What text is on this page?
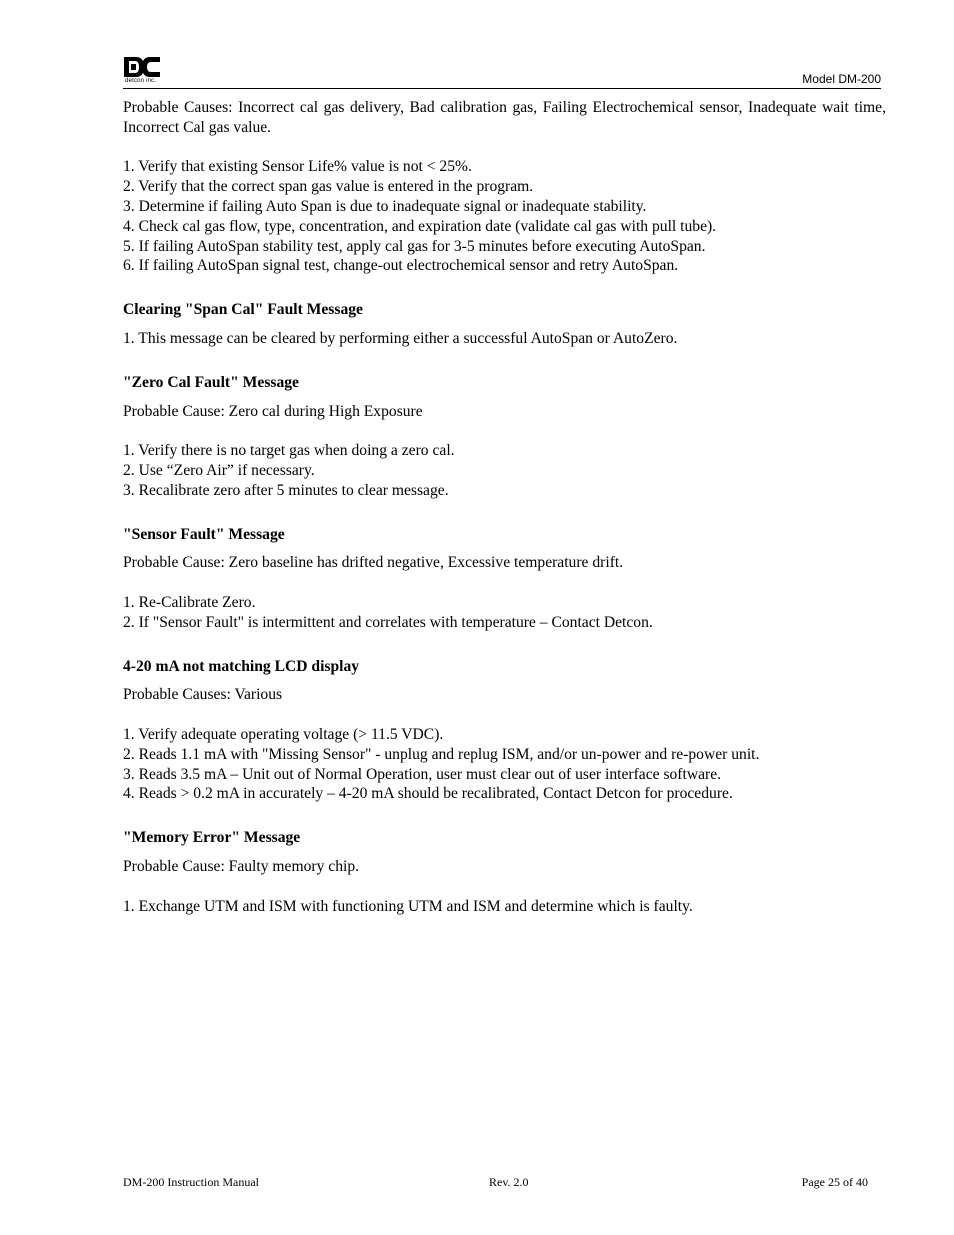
detcon inc.	Model DM-200

Probable Causes: Incorrect cal gas delivery, Bad calibration gas, Failing Electrochemical sensor, Inadequate wait time, Incorrect Cal gas value.

1. Verify that existing Sensor Life% value is not < 25%.

2. Verify that the correct span gas value is entered in the program.

3. Determine if failing Auto Span is due to inadequate signal or inadequate stability.

4. Check cal gas flow, type, concentration, and expiration date (validate cal gas with pull tube).

5. If failing AutoSpan stability test, apply cal gas for 3-5 minutes before executing AutoSpan.

6. If failing AutoSpan signal test, change-out electrochemical sensor and retry AutoSpan.

Clearing "Span Cal" Fault Message

1. This message can be cleared by performing either a successful AutoSpan or AutoZero.

"Zero Cal Fault" Message

Probable Cause: Zero cal during High Exposure

1. Verify there is no target gas when doing a zero cal.

2. Use “Zero Air” if necessary.

3. Recalibrate zero after 5 minutes to clear message.

"Sensor Fault" Message

Probable Cause: Zero baseline has drifted negative, Excessive temperature drift.

1. Re-Calibrate Zero.

2. If "Sensor Fault" is intermittent and correlates with temperature – Contact Detcon.

4-20 mA not matching LCD display

Probable Causes: Various

1. Verify adequate operating voltage (> 11.5 VDC).

2. Reads 1.1 mA with "Missing Sensor" - unplug and replug ISM, and/or un-power and re-power unit.

3. Reads 3.5 mA – Unit out of Normal Operation, user must clear out of user interface software.

4. Reads > 0.2 mA in accurately – 4-20 mA should be recalibrated, Contact Detcon for procedure.

"Memory Error" Message

Probable Cause: Faulty memory chip.

1. Exchange UTM and ISM with functioning UTM and ISM and determine which is faulty.

DM-200 Instruction Manual	Rev. 2.0	Page 25 of 40
